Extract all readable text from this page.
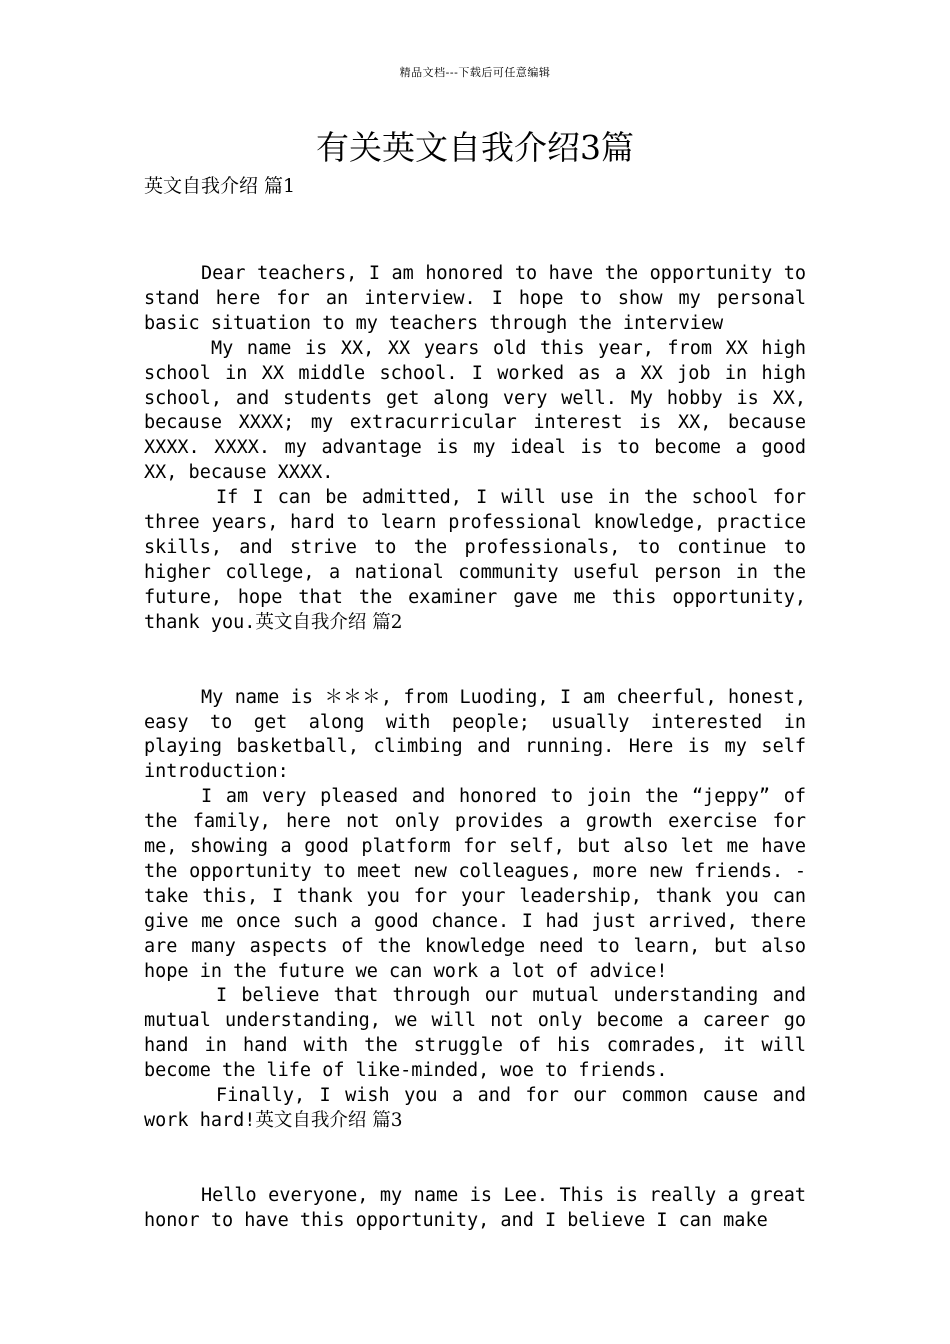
精品文档---下载后可任意编辑
有关英文自我介绍3篇
英文自我介绍 篇1

Dear teachers, I am honored to have the opportunity to stand here for an interview. I hope to show my personal basic situation to my teachers through the interview

My name is XX, XX years old this year, from XX high school in XX middle school. I worked as a XX job in high school, and students get along very well. My hobby is XX, because XXXX; my extracurricular interest is XX, because XXXX. XXXX. my advantage is my ideal is to become a good XX, because XXXX.

If I can be admitted, I will use in the school for three years, hard to learn professional knowledge, practice skills, and strive to the professionals, to continue to higher college, a national community useful person in the future, hope that the examiner gave me this opportunity, thank you.英文自我介绍 篇2

My name is ＊＊＊, from Luoding, I am cheerful, honest, easy to get along with people; usually interested in playing basketball, climbing and running. Here is my self introduction:

I am very pleased and honored to join the “jeppy” of the family, here not only provides a growth exercise for me, showing a good platform for self, but also let me have the opportunity to meet new colleagues, more new friends. - take this, I thank you for your leadership, thank you can give me once such a good chance. I had just arrived, there are many aspects of the knowledge need to learn, but also hope in the future we can work a lot of advice!

I believe that through our mutual understanding and mutual understanding, we will not only become a career go hand in hand with the struggle of his comrades, it will become the life of like-minded, woe to friends.

Finally, I wish you a and for our common cause and work hard!英文自我介绍 篇3

Hello everyone, my name is Lee. This is really a great honor to have this opportunity, and I believe I can make
